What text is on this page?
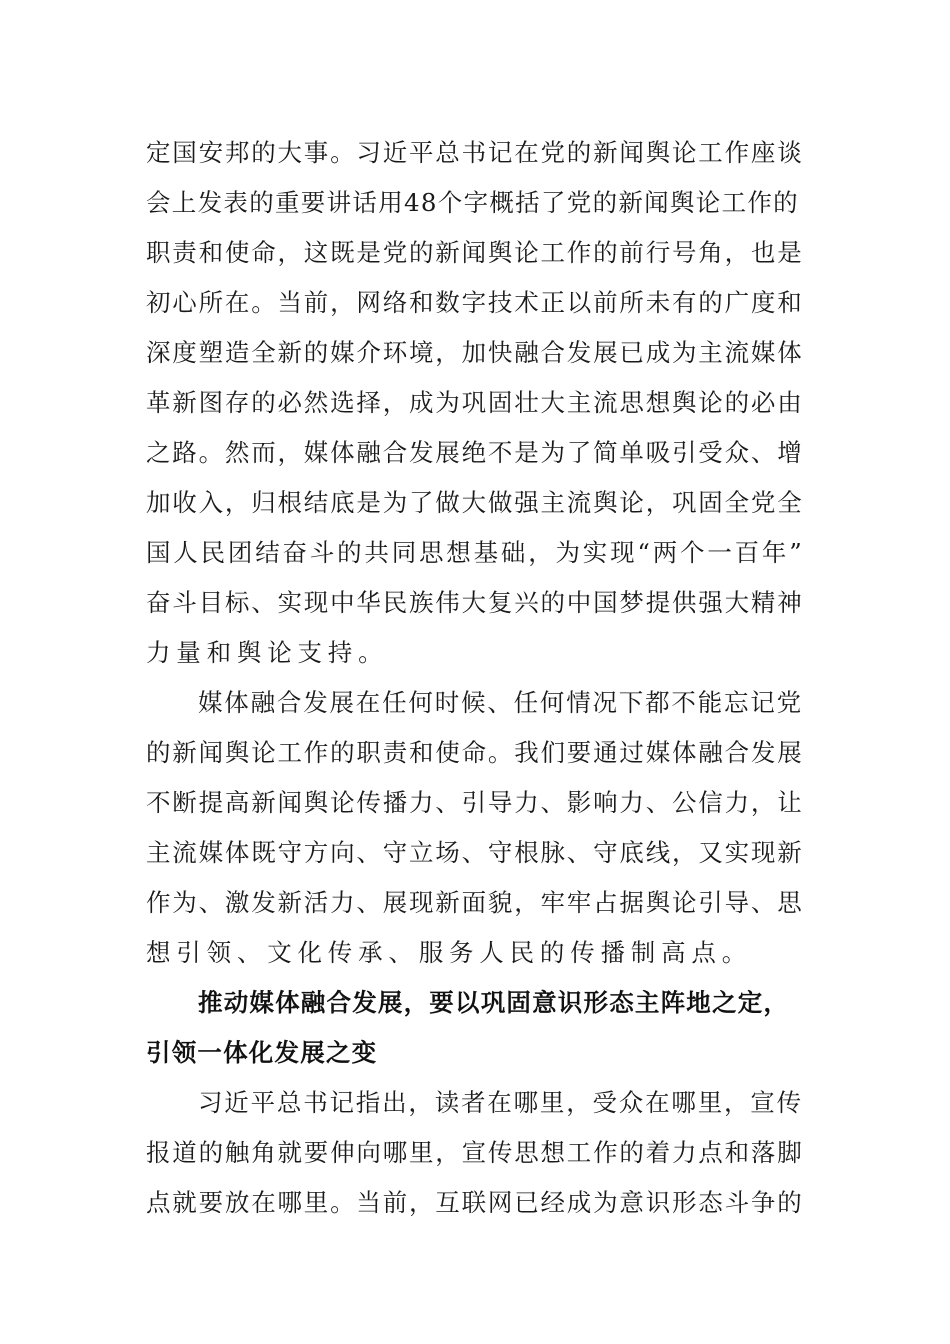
定国安邦的大事。习近平总书记在党的新闻舆论工作座谈
会上发表的重要讲话用48个字概括了党的新闻舆论工作的
职责和使命，这既是党的新闻舆论工作的前行号角，也是
初心所在。当前，网络和数字技术正以前所未有的广度和
深度塑造全新的媒介环境，加快融合发展已成为主流媒体
革新图存的必然选择，成为巩固壮大主流思想舆论的必由
之路。然而，媒体融合发展绝不是为了简单吸引受众、增
加收入，归根结底是为了做大做强主流舆论，巩固全党全
国人民团结奋斗的共同思想基础，为实现“两个一百年”
奋斗目标、实现中华民族伟大复兴的中国梦提供强大精神
力量和舆论支持。
媒体融合发展在任何时候、任何情况下都不能忘记党
的新闻舆论工作的职责和使命。我们要通过媒体融合发展
不断提高新闻舆论传播力、引导力、影响力、公信力，让
主流媒体既守方向、守立场、守根脉、守底线，又实现新
作为、激发新活力、展现新面貌，牢牢占据舆论引导、思
想引领、文化传承、服务人民的传播制高点。
推动媒体融合发展，要以巩固意识形态主阵地之定，
引领一体化发展之变
习近平总书记指出，读者在哪里，受众在哪里，宣传
报道的触角就要伸向哪里，宣传思想工作的着力点和落脚
点就要放在哪里。当前，互联网已经成为意识形态斗争的
